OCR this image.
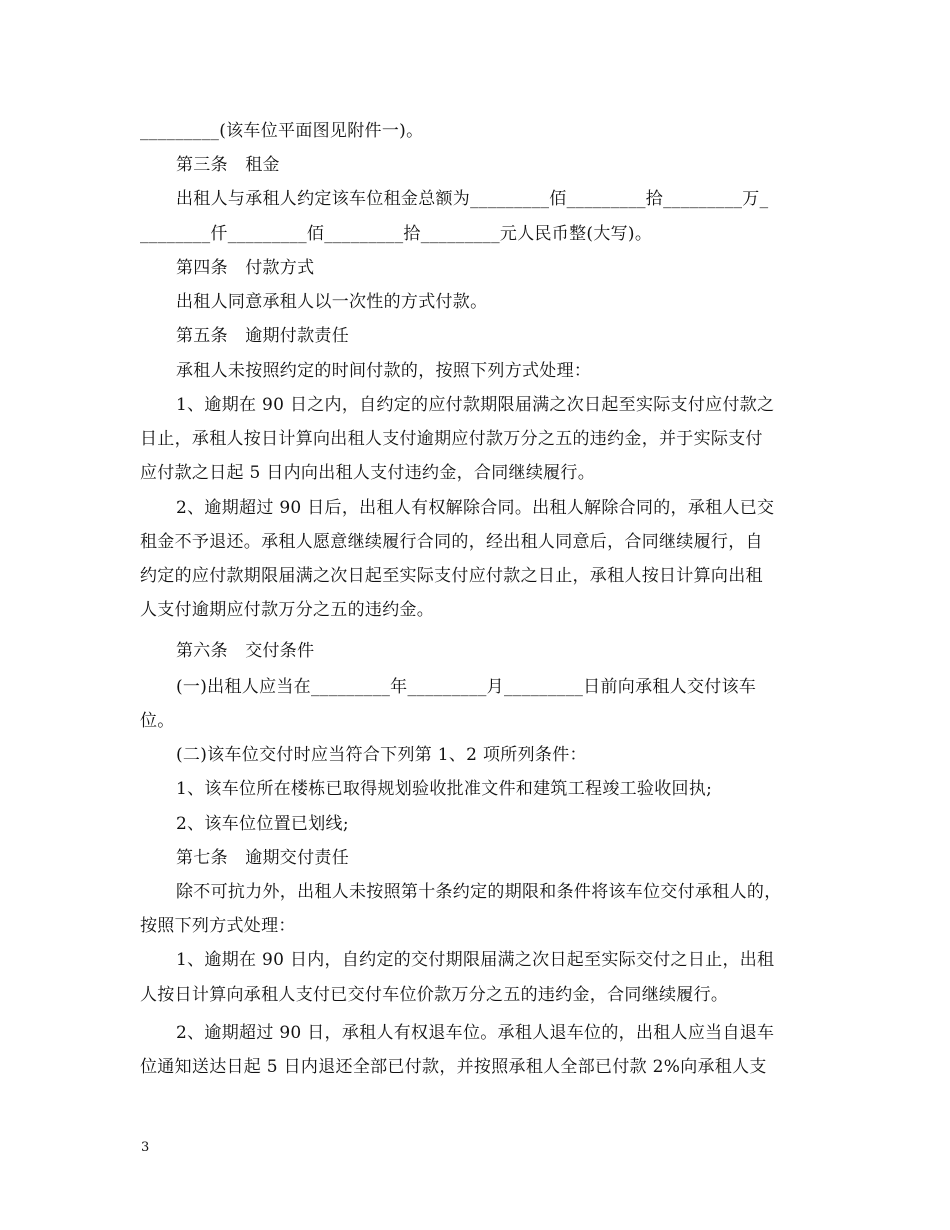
_________(该车位平面图见附件一)。
第三条　租金
出租人与承租人约定该车位租金总额为_________佰_________拾_________万_
________仟_________佰_________拾_________元人民币整(大写)。
第四条　付款方式
出租人同意承租人以一次性的方式付款。
第五条　逾期付款责任
承租人未按照约定的时间付款的，按照下列方式处理：
1、逾期在 90 日之内，自约定的应付款期限届满之次日起至实际支付应付款之
日止，承租人按日计算向出租人支付逾期应付款万分之五的违约金，并于实际支付
应付款之日起 5 日内向出租人支付违约金，合同继续履行。
2、逾期超过 90 日后，出租人有权解除合同。出租人解除合同的，承租人已交
租金不予退还。承租人愿意继续履行合同的，经出租人同意后，合同继续履行，自
约定的应付款期限届满之次日起至实际支付应付款之日止，承租人按日计算向出租
人支付逾期应付款万分之五的违约金。
第六条　交付条件
(一)出租人应当在_________年_________月_________日前向承租人交付该车
位。
(二)该车位交付时应当符合下列第 1、2 项所列条件：
1、该车位所在楼栋已取得规划验收批准文件和建筑工程竣工验收回执;
2、该车位位置已划线;
第七条　逾期交付责任
除不可抗力外，出租人未按照第十条约定的期限和条件将该车位交付承租人的，
按照下列方式处理：
1、逾期在 90 日内，自约定的交付期限届满之次日起至实际交付之日止，出租
人按日计算向承租人支付已交付车位价款万分之五的违约金，合同继续履行。
2、逾期超过 90 日，承租人有权退车位。承租人退车位的，出租人应当自退车
位通知送达日起 5 日内退还全部已付款，并按照承租人全部已付款 2%向承租人支
3
